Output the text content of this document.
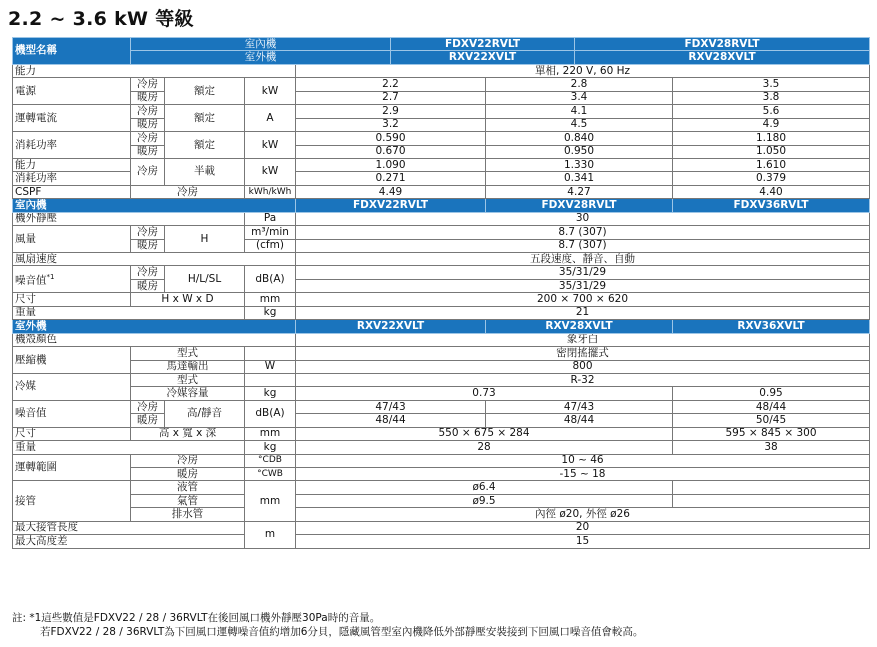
2.2 ~ 3.6 kW 等級
機型名稱	室內機				FDXV22RVLT		FDXV28RVLT	
	室外機				RXV22XVLT		RXV28XVLT	
能力				單相, 220 V, 60 Hz					
電源	冷房	額定	kW	2.2		2.8		3.5	
	暖房			2.7		3.4		3.8	
運轉電流	冷房	額定	A	2.9		4.1		5.6	
	暖房			3.2		4.5		4.9	
消耗功率	冷房	額定	kW	0.590		0.840		1.180	
	暖房			0.670		0.950		1.050	
能力	冷房	半載	kW	1.090		1.330		1.610	
消耗功率				0.271		0.341		0.379	
CSPF	冷房		kWh/kWh	4.49		4.27		4.40	
室內機				FDXV22RVLT		FDXV28RVLT		FDXV36RVLT	
機外靜壓			Pa	30					
風量	冷房	H	m³/min	8.7 (307)					
	暖房		(cfm)	8.7 (307)					
風扇速度				五段速度、靜音、自動					
噪音值$^{*1}$	冷房	H/L/SL	dB(A)	35/31/29					
	暖房			35/31/29					
尺寸	H x W x D		mm	200 × 700 × 620					
重量			kg	21					
室外機				RXV22XVLT		RXV28XVLT		RXV36XVLT	
機殼顏色				象牙白					
壓縮機	型式			密閉搖擺式					
	馬達輸出		W	800					
冷媒	型式			R-32					
	冷媒容量		kg	0.73				0.95	
噪音值	冷房	高/靜音	dB(A)	47/43		47/43		48/44	
	暖房			48/44		48/44		50/45	
尺寸	高 x 寬 x 深		mm	550 × 675 × 284				595 × 845 × 300	
重量			kg	28				38	
運轉範圍	冷房		°CDB	10 ~ 46					
	暖房		°CWB	-15 ~ 18					
接管	液管		mm	ø6.4					
	氣管			ø9.5					
	排水管			內徑 ø20, 外徑 ø26					
最大接管長度			m	20					
最大高度差				15					
註: *1這些數值是FDXV22 / 28 / 36RVLT在後回風口機外靜壓30Pa時的音量。
若FDXV22 / 28 / 36RVLT為下回風口運轉噪音值約增加6分貝，隱藏風管型室內機降低外部靜壓安裝接到下回風口噪音值會較高。
